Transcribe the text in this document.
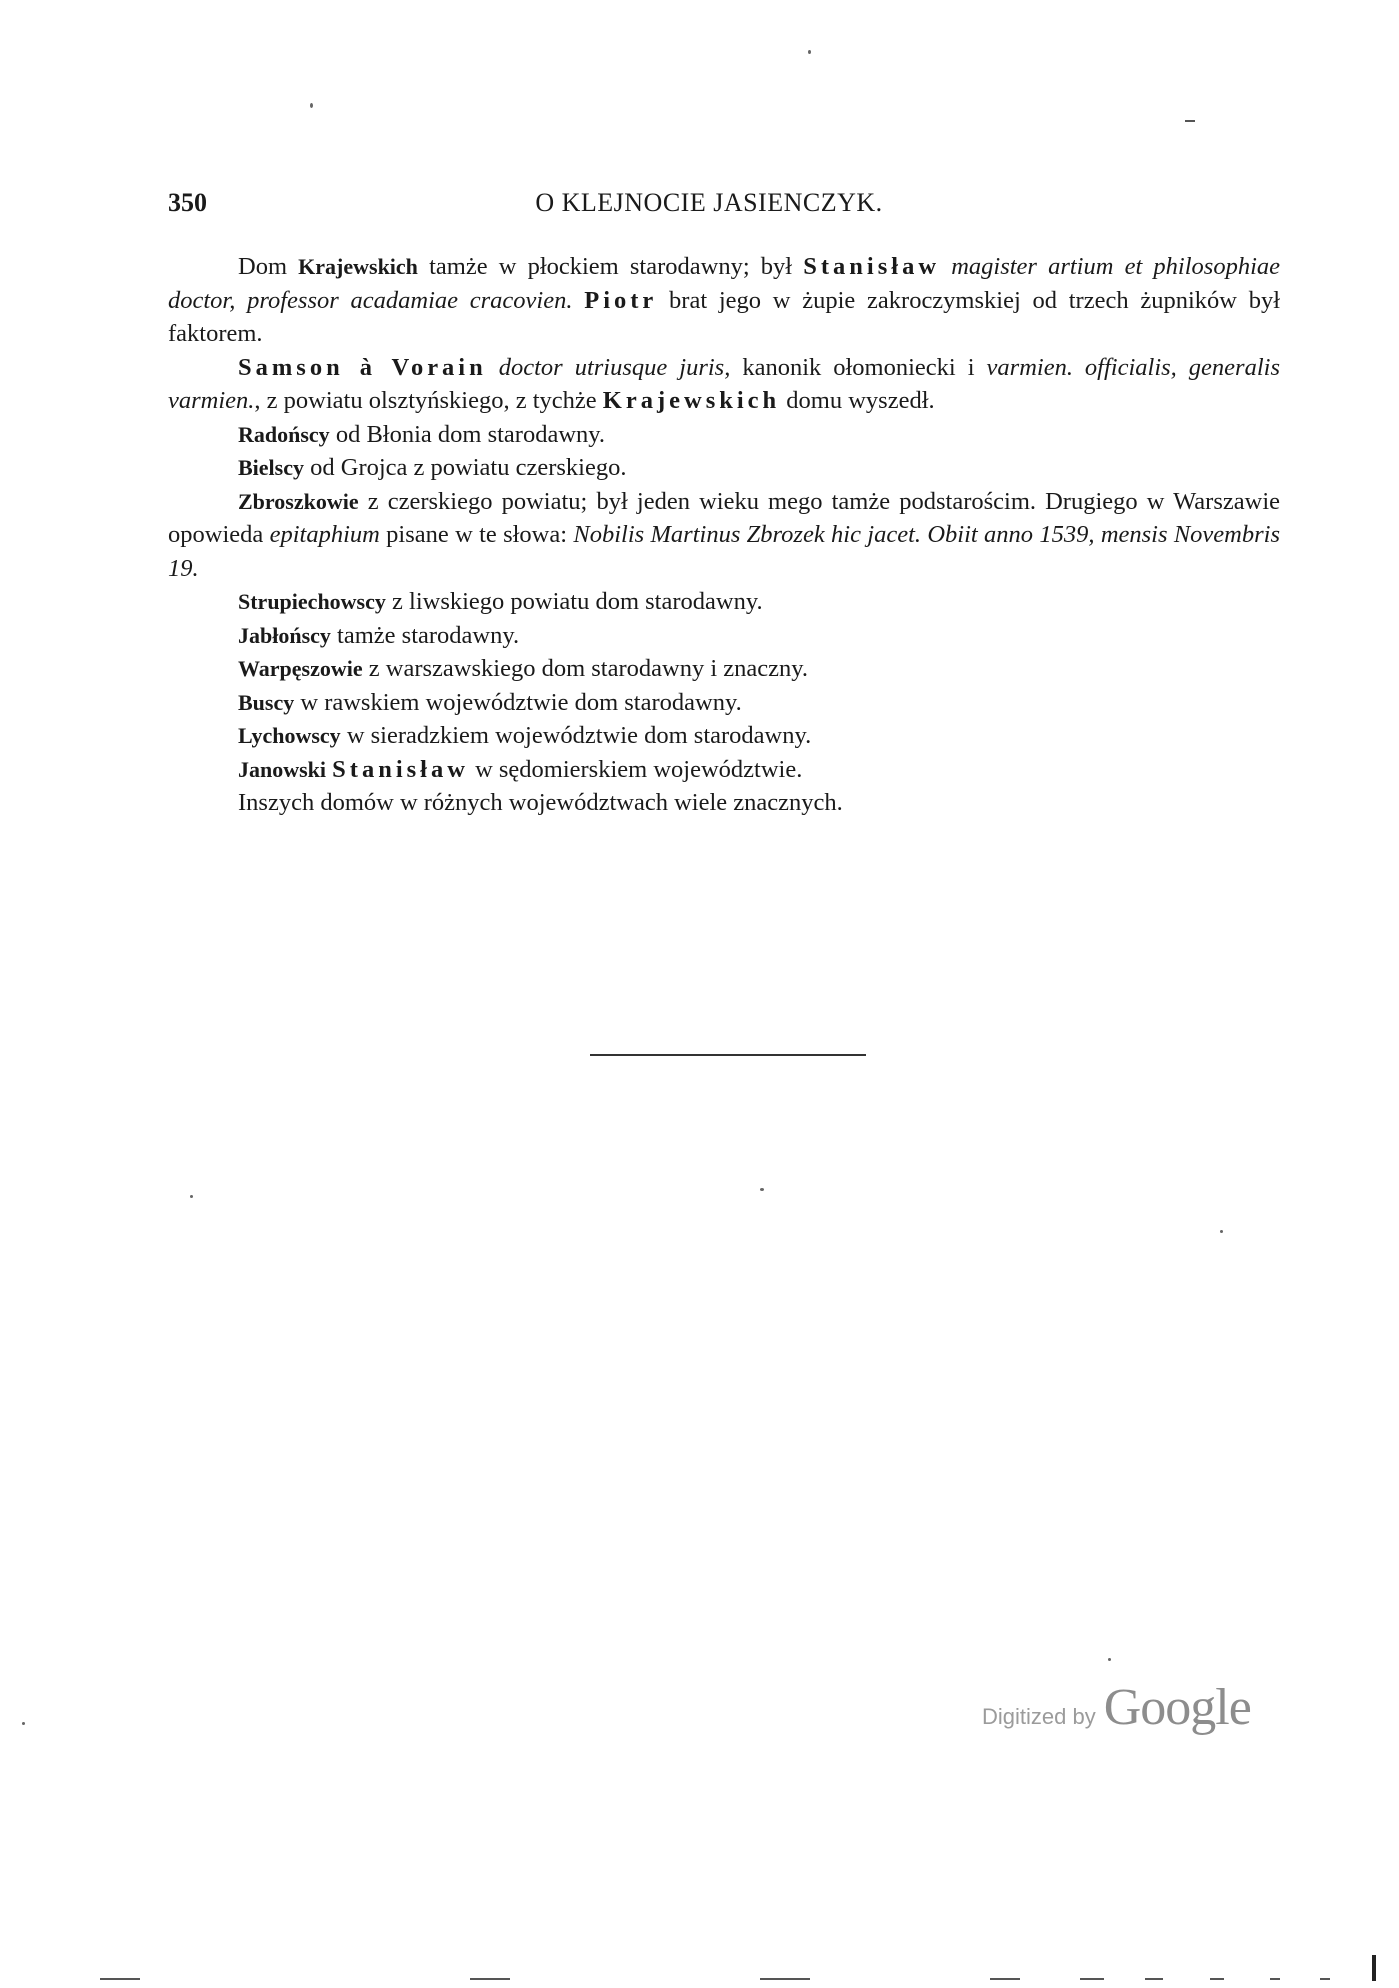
350	O KLEJNOCIE JASIENCZYK.

Dom Krajewskich tamże w płockiem starodawny; był Stanisław magister artium et philosophiae doctor, professor acadamiae cracovien. Piotr brat jego w żupie zakroczymskiej od trzech żupników był faktorem.

Samson à Vorain doctor utriusque juris, kanonik ołomoniecki i varmien. officialis, generalis varmien., z powiatu olsztyńskiego, z tychże Krajewskich domu wyszedł.

Radońscy od Błonia dom starodawny.

Bielscy od Grojca z powiatu czerskiego.

Zbroszkowie z czerskiego powiatu; był jeden wieku mego tamże podstarościm. Drugiego w Warszawie opowieda epitaphium pisane w te słowa: Nobilis Martinus Zbrozek hic jacet. Obiit anno 1539, mensis Novembris 19.

Strupiechowscy z liwskiego powiatu dom starodawny.

Jabłońscy tamże starodawny.

Warpęszowie z warszawskiego dom starodawny i znaczny.

Buscy w rawskiem województwie dom starodawny.

Lychowscy w sieradzkiem województwie dom starodawny.

Janowski Stanisław w sędomierskiem województwie.

Inszych domów w różnych województwach wiele znacznych.

Digitized by Google
